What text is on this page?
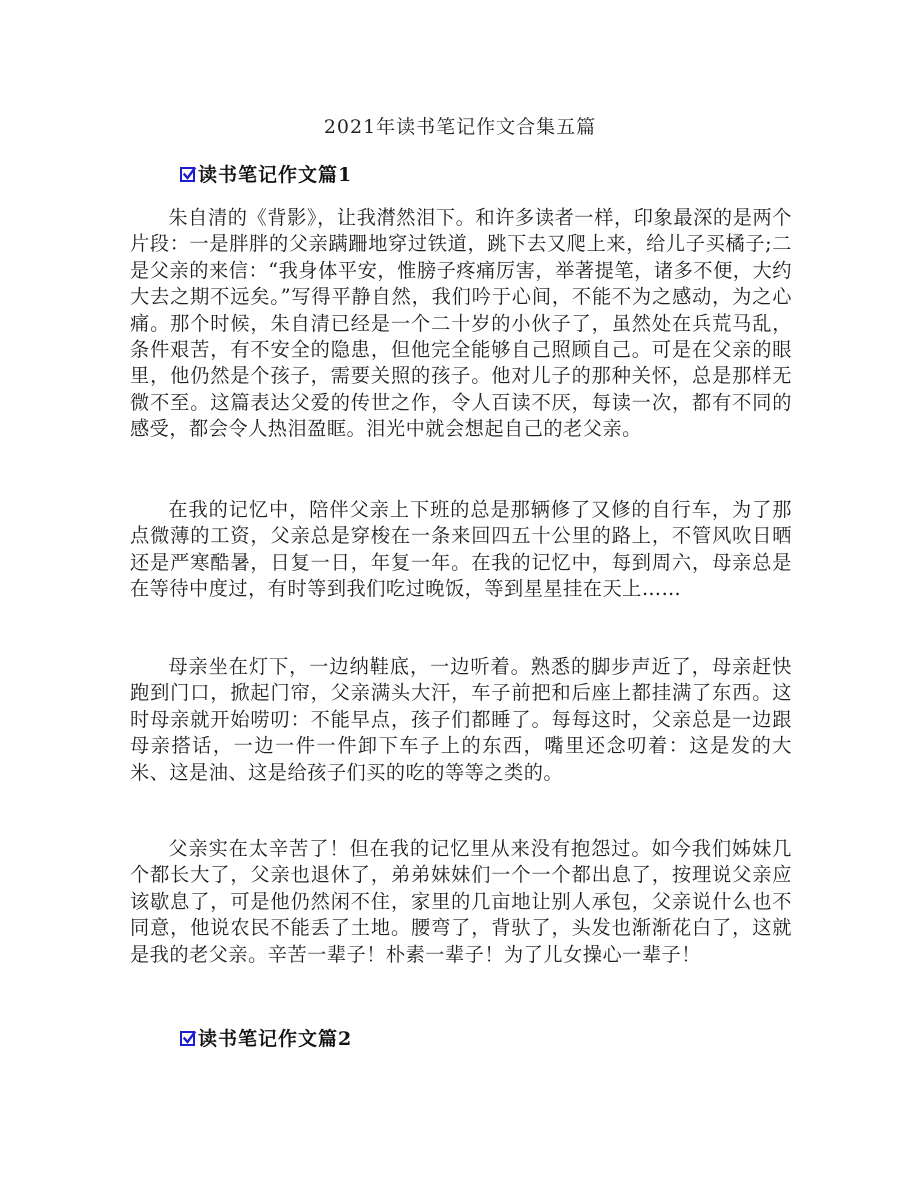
2021年读书笔记作文合集五篇
读书笔记作文篇1

朱自清的《背影》，让我潸然泪下。和许多读者一样，印象最深的是两个片段：一是胖胖的父亲蹒跚地穿过铁道，跳下去又爬上来，给儿子买橘子;二是父亲的来信：“我身体平安，惟膀子疼痛厉害，举著提笔，诸多不便，大约大去之期不远矣。”写得平静自然，我们吟于心间，不能不为之感动，为之心痛。那个时候，朱自清已经是一个二十岁的小伙子了，虽然处在兵荒马乱，条件艰苦，有不安全的隐患，但他完全能够自己照顾自己。可是在父亲的眼里，他仍然是个孩子，需要关照的孩子。他对儿子的那种关怀，总是那样无微不至。这篇表达父爱的传世之作，令人百读不厌，每读一次，都有不同的感受，都会令人热泪盈眶。泪光中就会想起自己的老父亲。

在我的记忆中，陪伴父亲上下班的总是那辆修了又修的自行车，为了那点微薄的工资，父亲总是穿梭在一条来回四五十公里的路上，不管风吹日晒还是严寒酷暑，日复一日，年复一年。在我的记忆中，每到周六，母亲总是在等待中度过，有时等到我们吃过晚饭，等到星星挂在天上……

母亲坐在灯下，一边纳鞋底，一边听着。熟悉的脚步声近了，母亲赶快跑到门口，掀起门帘，父亲满头大汗，车子前把和后座上都挂满了东西。这时母亲就开始唠叨：不能早点，孩子们都睡了。每每这时，父亲总是一边跟母亲搭话，一边一件一件卸下车子上的东西，嘴里还念叨着：这是发的大米、这是油、这是给孩子们买的吃的等等之类的。

父亲实在太辛苦了！但在我的记忆里从来没有抱怨过。如今我们姊妹几个都长大了，父亲也退休了，弟弟妹妹们一个一个都出息了，按理说父亲应该歇息了，可是他仍然闲不住，家里的几亩地让别人承包，父亲说什么也不同意，他说农民不能丢了土地。腰弯了，背驮了，头发也渐渐花白了，这就是我的老父亲。辛苦一辈子！朴素一辈子！为了儿女操心一辈子！

读书笔记作文篇2
